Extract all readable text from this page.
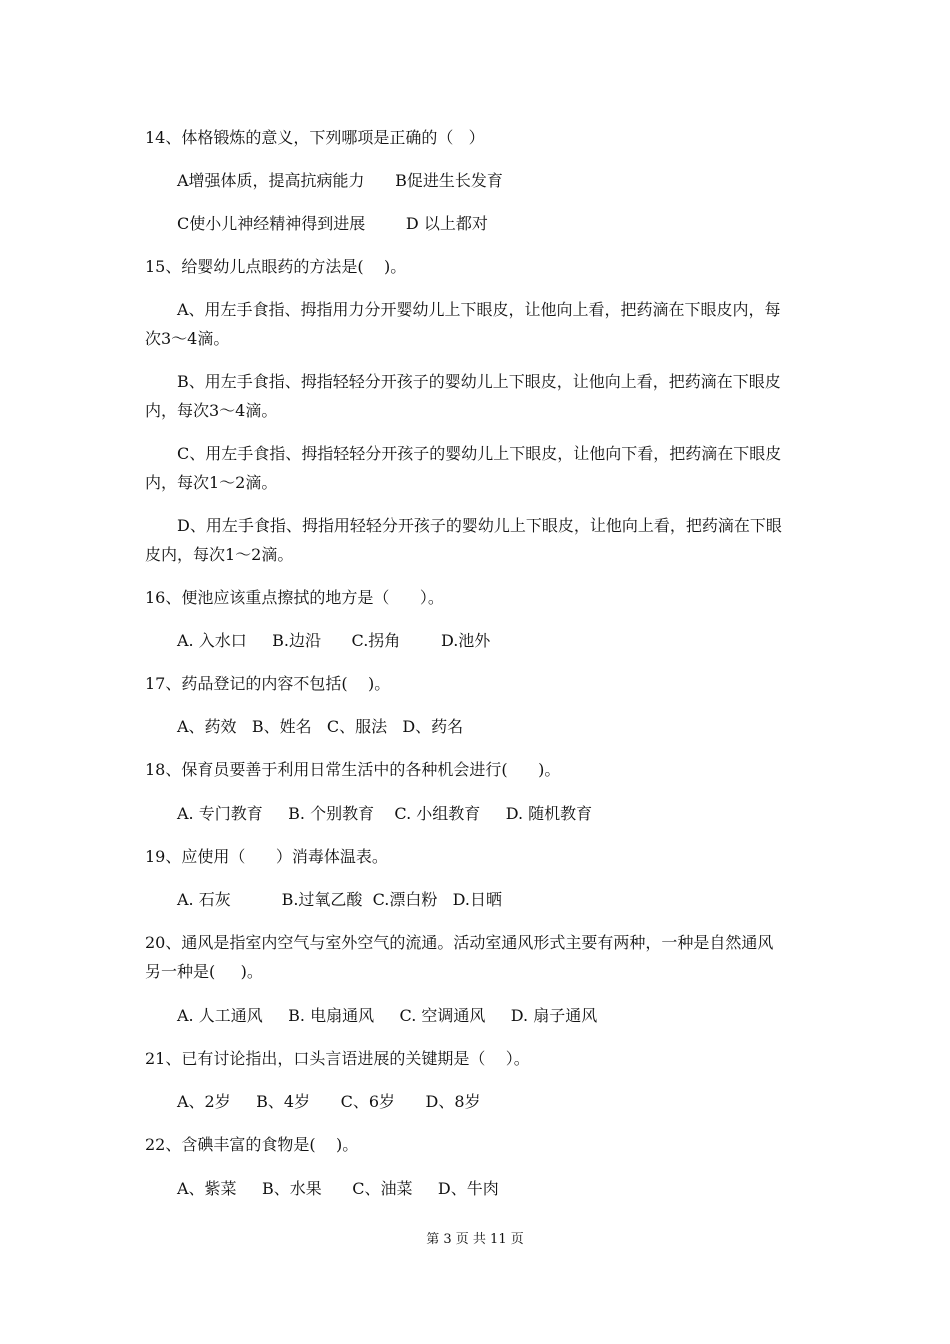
14、体格锻炼的意义，下列哪项是正确的（   ）
A增强体质，提高抗病能力      B促进生长发育
C使小儿神经精神得到进展        D 以上都对
15、给婴幼儿点眼药的方法是(    )。
A、用左手食指、拇指用力分开婴幼儿上下眼皮，让他向上看，把药滴在下眼皮内，每
次3～4滴。
B、用左手食指、拇指轻轻分开孩子的婴幼儿上下眼皮，让他向上看，把药滴在下眼皮
内，每次3～4滴。
C、用左手食指、拇指轻轻分开孩子的婴幼儿上下眼皮，让他向下看，把药滴在下眼皮
内，每次1～2滴。
D、用左手食指、拇指用轻轻分开孩子的婴幼儿上下眼皮，让他向上看，把药滴在下眼
皮内，每次1～2滴。
16、便池应该重点擦拭的地方是（      ）。
A. 入水口     B.边沿      C.拐角        D.池外
17、药品登记的内容不包括(    )。
A、药效   B、姓名   C、服法   D、药名
18、保育员要善于利用日常生活中的各种机会进行(      )。
A. 专门教育     B. 个别教育    C. 小组教育     D. 随机教育
19、应使用（      ）消毒体温表。
A. 石灰          B.过氧乙酸  C.漂白粉   D.日晒
20、通风是指室内空气与室外空气的流通。活动室通风形式主要有两种，一种是自然通风
另一种是(     )。
A. 人工通风     B. 电扇通风     C. 空调通风     D. 扇子通风
21、已有讨论指出，口头言语进展的关键期是（    ）。
A、2岁     B、4岁      C、6岁      D、8岁
22、含碘丰富的食物是(    )。
A、紫菜     B、水果      C、油菜     D、牛肉
第 3 页 共 11 页
